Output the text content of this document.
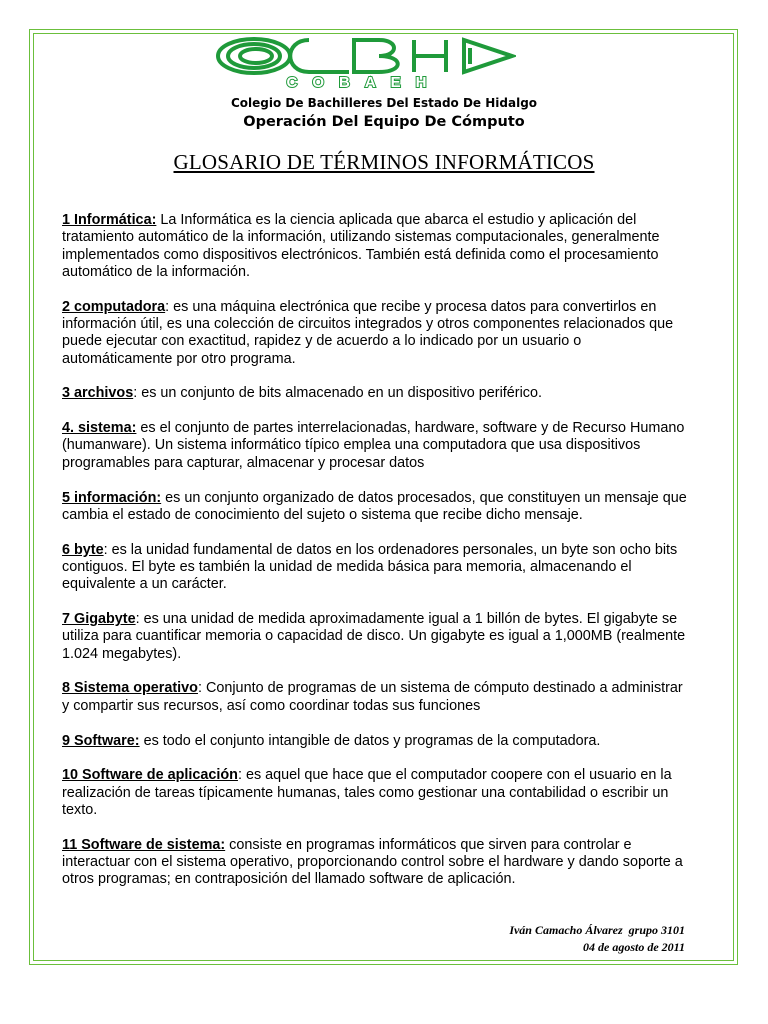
COBAEH
Colegio De Bachilleres Del Estado De Hidalgo
Operación Del Equipo De Cómputo
GLOSARIO DE TÉRMINOS INFORMÁTICOS

1 Informática: La Informática es la ciencia aplicada que abarca el estudio y aplicación del tratamiento automático de la información, utilizando sistemas computacionales, generalmente implementados como dispositivos electrónicos. También está definida como el procesamiento automático de la información.

2 computadora: es una máquina electrónica que recibe y procesa datos para convertirlos en información útil, es una colección de circuitos integrados y otros componentes relacionados que puede ejecutar con exactitud, rapidez y de acuerdo a lo indicado por un usuario o automáticamente por otro programa.

3 archivos: es un conjunto de bits almacenado en un dispositivo periférico.

4. sistema: es el conjunto de partes interrelacionadas, hardware, software y de Recurso Humano (humanware). Un sistema informático típico emplea una computadora que usa dispositivos programables para capturar, almacenar y procesar datos

5 información: es un conjunto organizado de datos procesados, que constituyen un mensaje que cambia el estado de conocimiento del sujeto o sistema que recibe dicho mensaje.

6 byte: es la unidad fundamental de datos en los ordenadores personales, un byte son ocho bits contiguos. El byte es también la unidad de medida básica para memoria, almacenando el equivalente a un carácter.

7 Gigabyte: es una unidad de medida aproximadamente igual a 1 billón de bytes. El gigabyte se utiliza para cuantificar memoria o capacidad de disco. Un gigabyte es igual a 1,000MB (realmente 1.024 megabytes).

8 Sistema operativo: Conjunto de programas de un sistema de cómputo destinado a administrar y compartir sus recursos, así como coordinar todas sus funciones

9 Software: es todo el conjunto intangible de datos y programas de la computadora.

10 Software de aplicación: es aquel que hace que el computador coopere con el usuario en la realización de tareas típicamente humanas, tales como gestionar una contabilidad o escribir un texto.

11 Software de sistema: consiste en programas informáticos que sirven para controlar e interactuar con el sistema operativo, proporcionando control sobre el hardware y dando soporte a otros programas; en contraposición del llamado software de aplicación.

Iván Camacho Álvarez  grupo 3101
04 de agosto de 2011
